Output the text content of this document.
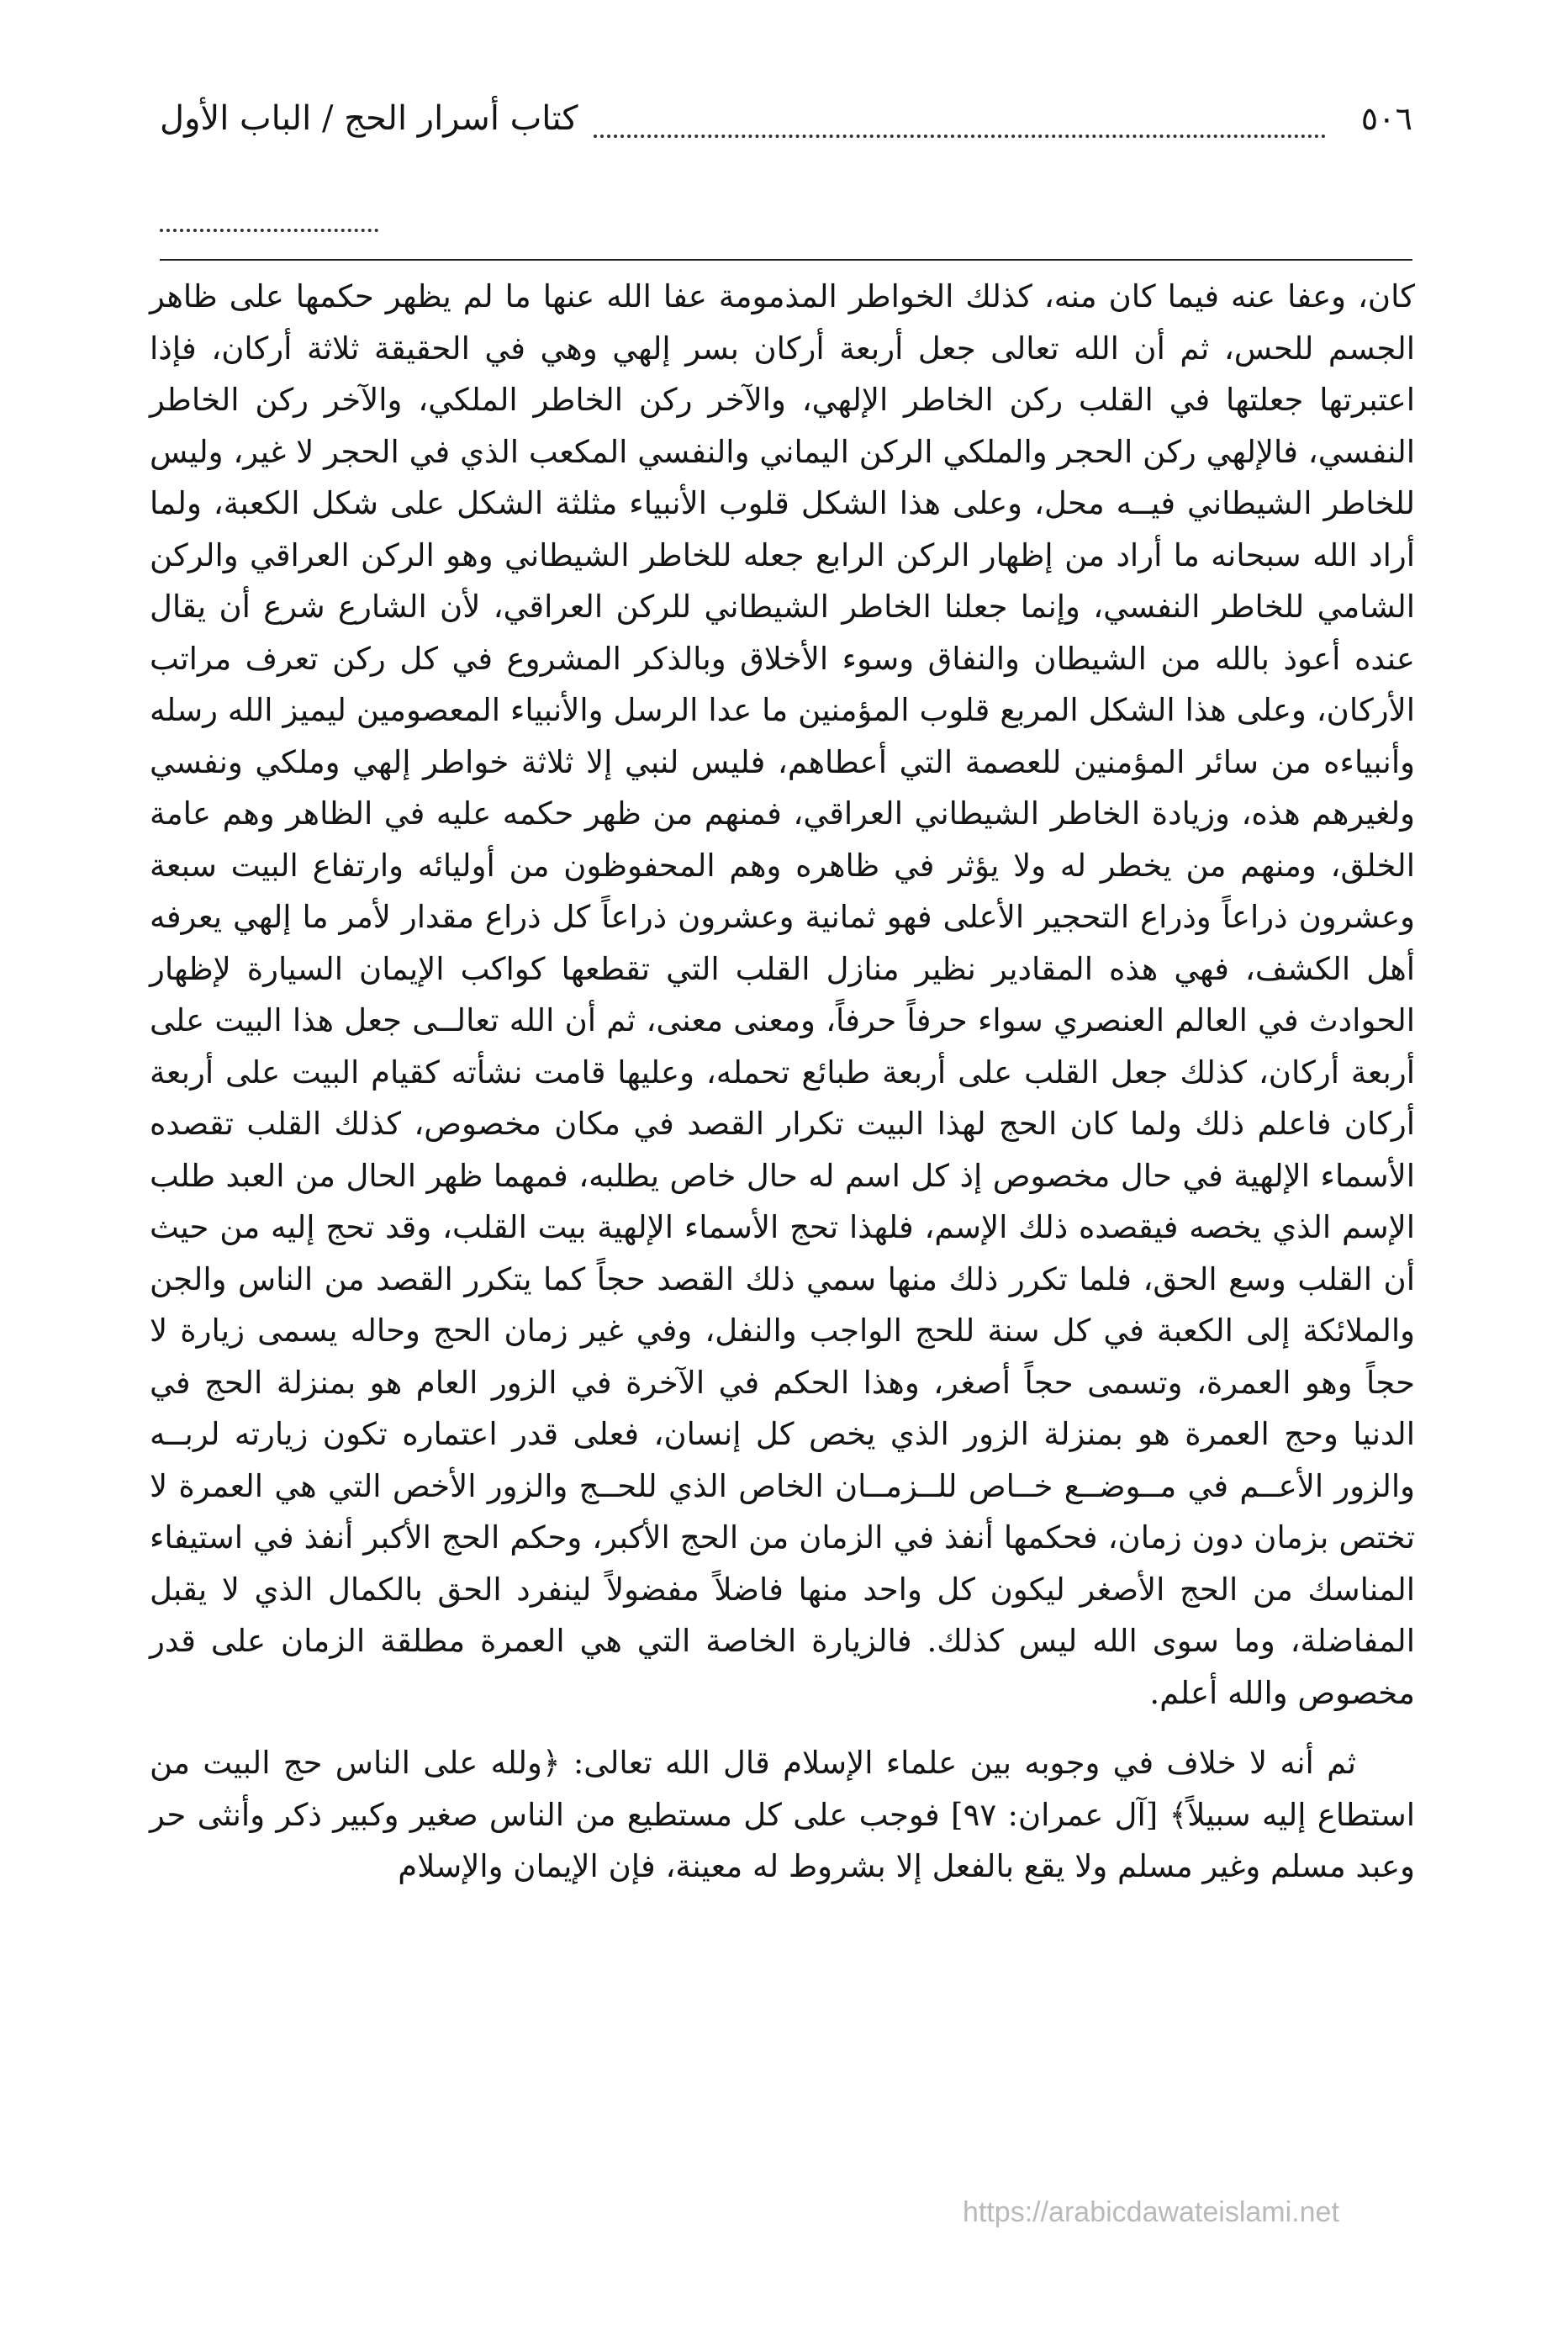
٥٠٦
كتاب أسرار الحج / الباب الأول

كان، وعفا عنه فيما كان منه، كذلك الخواطر المذمومة عفا الله عنها ما لم يظهر حكمها على ظاهر الجسم للحس، ثم أن الله تعالى جعل أربعة أركان بسر إلهي وهي في الحقيقة ثلاثة أركان، فإذا اعتبرتها جعلتها في القلب ركن الخاطر الإلهي، والآخر ركن الخاطر الملكي، والآخر ركن الخاطر النفسي، فالإلهي ركن الحجر والملكي الركن اليماني والنفسي المكعب الذي في الحجر لا غير، وليس للخاطر الشيطاني فيــه محل، وعلى هذا الشكل قلوب الأنبياء مثلثة الشكل على شكل الكعبة، ولما أراد الله سبحانه ما أراد من إظهار الركن الرابع جعله للخاطر الشيطاني وهو الركن العراقي والركن الشامي للخاطر النفسي، وإنما جعلنا الخاطر الشيطاني للركن العراقي، لأن الشارع شرع أن يقال عنده أعوذ بالله من الشيطان والنفاق وسوء الأخلاق وبالذكر المشروع في كل ركن تعرف مراتب الأركان، وعلى هذا الشكل المربع قلوب المؤمنين ما عدا الرسل والأنبياء المعصومين ليميز الله رسله وأنبياءه من سائر المؤمنين للعصمة التي أعطاهم، فليس لنبي إلا ثلاثة خواطر إلهي وملكي ونفسي ولغيرهم هذه، وزيادة الخاطر الشيطاني العراقي، فمنهم من ظهر حكمه عليه في الظاهر وهم عامة الخلق، ومنهم من يخطر له ولا يؤثر في ظاهره وهم المحفوظون من أوليائه وارتفاع البيت سبعة وعشرون ذراعاً وذراع التحجير الأعلى فهو ثمانية وعشرون ذراعاً كل ذراع مقدار لأمر ما إلهي يعرفه أهل الكشف، فهي هذه المقادير نظير منازل القلب التي تقطعها كواكب الإيمان السيارة لإظهار الحوادث في العالم العنصري سواء حرفاً حرفاً، ومعنى معنى، ثم أن الله تعالــى جعل هذا البيت على أربعة أركان، كذلك جعل القلب على أربعة طبائع تحمله، وعليها قامت نشأته كقيام البيت على أربعة أركان فاعلم ذلك ولما كان الحج لهذا البيت تكرار القصد في مكان مخصوص، كذلك القلب تقصده الأسماء الإلهية في حال مخصوص إذ كل اسم له حال خاص يطلبه، فمهما ظهر الحال من العبد طلب الإسم الذي يخصه فيقصده ذلك الإسم، فلهذا تحج الأسماء الإلهية بيت القلب، وقد تحج إليه من حيث أن القلب وسع الحق، فلما تكرر ذلك منها سمي ذلك القصد حجاً كما يتكرر القصد من الناس والجن والملائكة إلى الكعبة في كل سنة للحج الواجب والنفل، وفي غير زمان الحج وحاله يسمى زيارة لا حجاً وهو العمرة، وتسمى حجاً أصغر، وهذا الحكم في الآخرة في الزور العام هو بمنزلة الحج في الدنيا وحج العمرة هو بمنزلة الزور الذي يخص كل إنسان، فعلى قدر اعتماره تكون زيارته لربــه والزور الأعــم في مــوضــع خــاص للــزمــان الخاص الذي للحــج والزور الأخص التي هي العمرة لا تختص بزمان دون زمان، فحكمها أنفذ في الزمان من الحج الأكبر، وحكم الحج الأكبر أنفذ في استيفاء المناسك من الحج الأصغر ليكون كل واحد منها فاضلاً مفضولاً لينفرد الحق بالكمال الذي لا يقبل المفاضلة، وما سوى الله ليس كذلك. فالزيارة الخاصة التي هي العمرة مطلقة الزمان على قدر مخصوص والله أعلم.

ثم أنه لا خلاف في وجوبه بين علماء الإسلام قال الله تعالى: ﴿ولله على الناس حج البيت من استطاع إليه سبيلاً﴾ [آل عمران: ٩٧] فوجب على كل مستطيع من الناس صغير وكبير ذكر وأنثى حر وعبد مسلم وغير مسلم ولا يقع بالفعل إلا بشروط له معينة، فإن الإيمان والإسلام

https://arabicdawateislami.net
